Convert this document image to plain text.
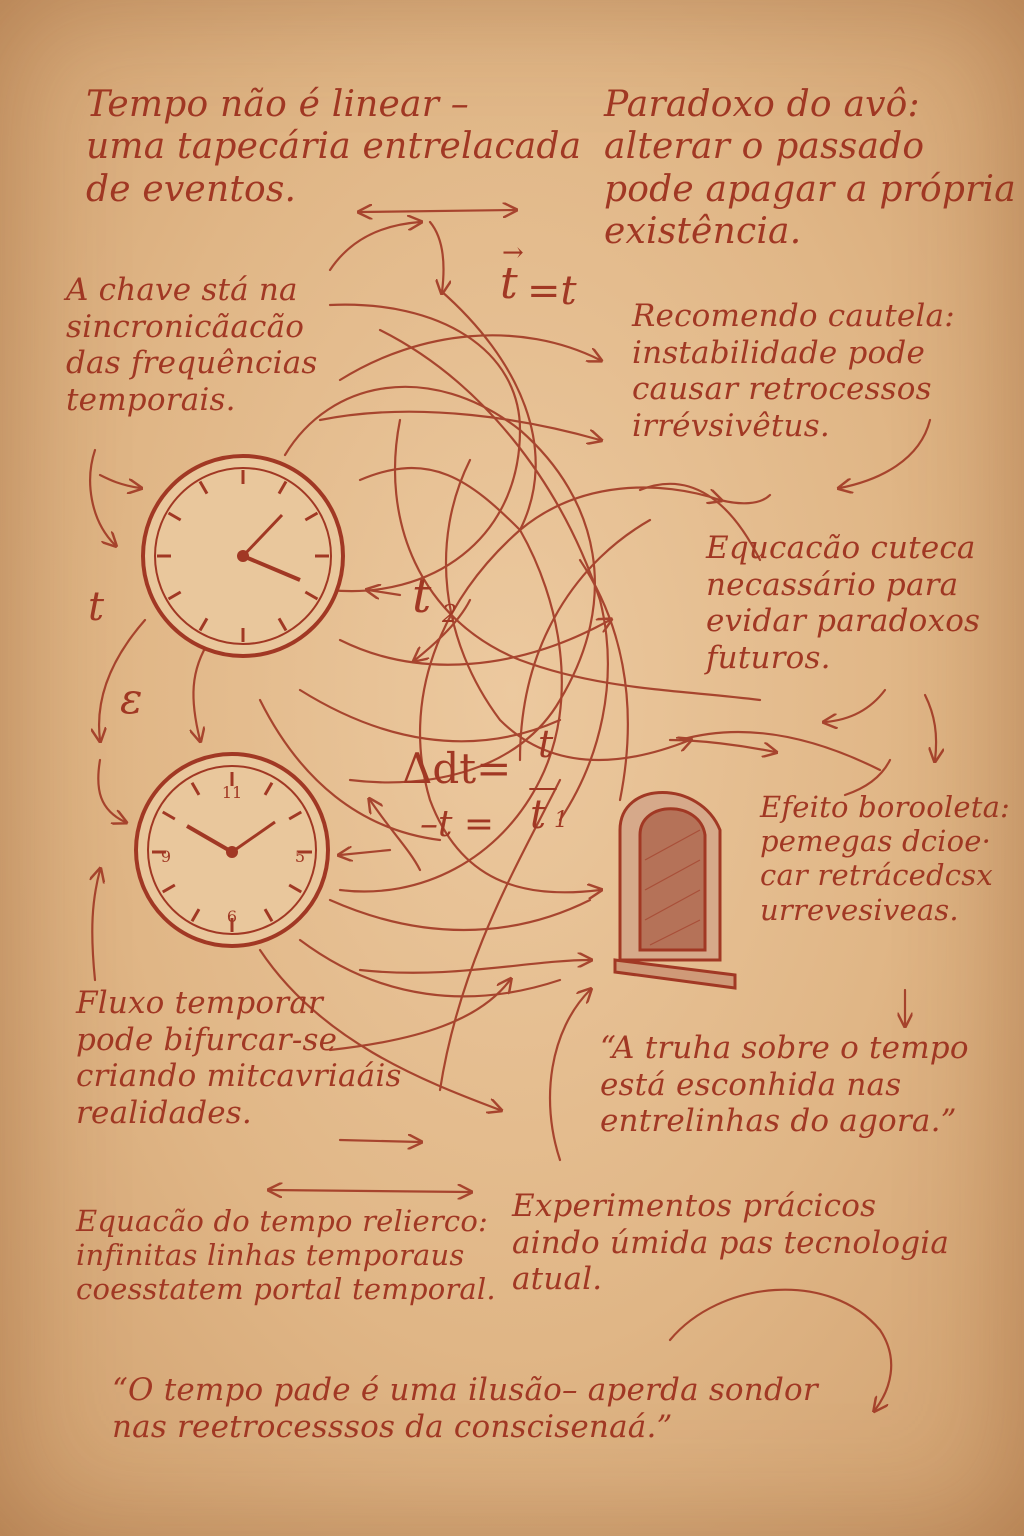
11
9	5
6
t
→
=t
t
ε
t 2
Δdt= t
—
t 1
–t =

Tempo não é linear –
uma tapecária entrelacada
de eventos.

Paradoxo do avô:
alterar o passado
pode apagar a própria
existência.

A chave stá na
sincronicãacão
das frequências
temporais.

Recomendo cautela:
instabilidade pode
causar retrocessos
irrévsivêtus.

Equcacão cuteca
necassário para
evidar paradoxos
futuros.

Efeito borooleta:
pemegas dcioe·
car retrácedcsx
urrevesiveas.

Fluxo temporar
pode bifurcar-se
criando mitcavriaáis
realidades.

“A truha sobre o tempo
está esconhida nas
entrelinhas do agora.”

Equacão do tempo relierco:
infinitas linhas temporaus
coesstatem portal temporal.

Experimentos prácicos
aindo úmida pas tecnologia
atual.

“O tempo pade é uma ilusão– aperda sondor
nas reetrocesssos da conscisenaá.”
